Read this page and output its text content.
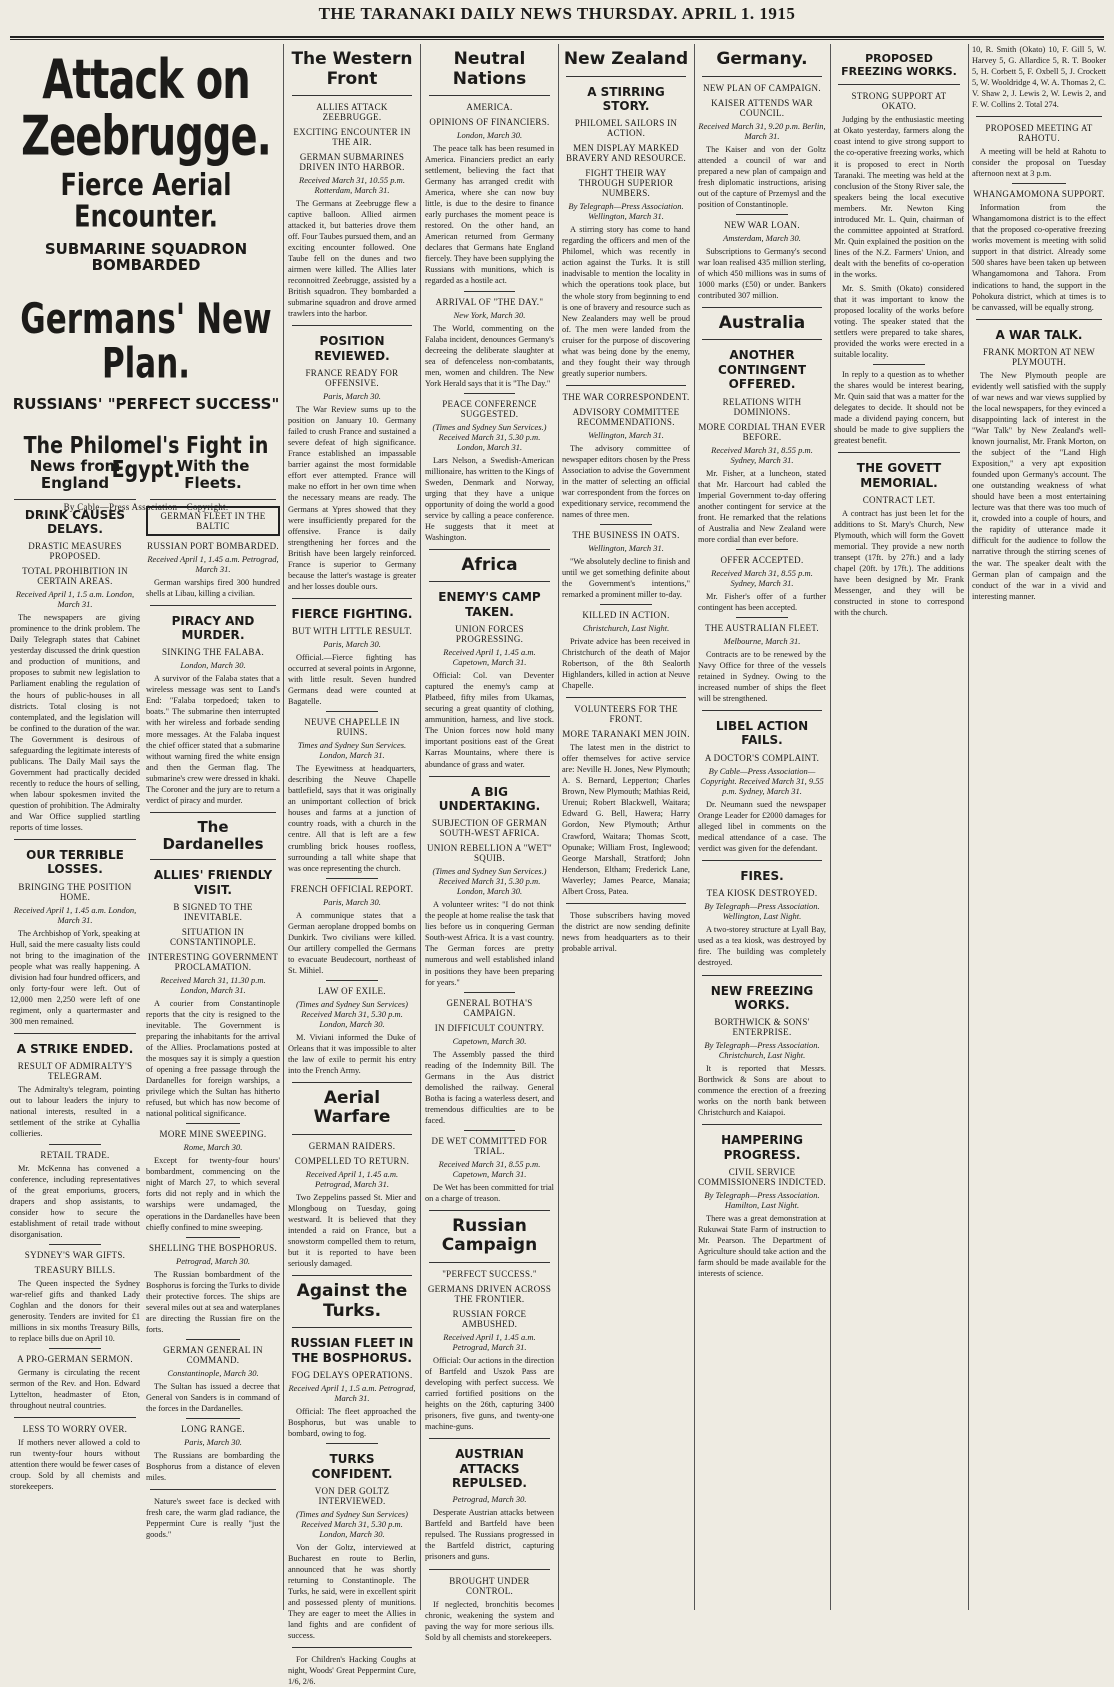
THE TARANAKI DAILY NEWS THURSDAY. APRIL 1. 1915
Attack on Zeebrugge.
Fierce Aerial Encounter.
SUBMARINE SQUADRON BOMBARDED
Germans' New Plan.
RUSSIANS' "PERFECT SUCCESS"
The Philomel's Fight in Egypt.
By Cable—Press Association—Copyright.
News from England
DRINK CAUSES DELAYS.
DRASTIC MEASURES PROPOSED.
TOTAL PROHIBITION IN CERTAIN AREAS.
Received April 1, 1.5 a.m. London, March 31.

The newspapers are giving prominence to the drink problem. The Daily Telegraph states that Cabinet yesterday discussed the drink question and production of munitions, and proposes to submit new legislation to Parliament enabling the regulation of the hours of public-houses in all districts. Total closing is not contemplated, and the legislation will be confined to the duration of the war. The Government is desirous of safeguarding the legitimate interests of publicans. The Daily Mail says the Government had practically decided recently to reduce the hours of selling, when labour spokesmen invited the question of prohibition. The Admiralty and War Office supplied startling reports of time losses.

OUR TERRIBLE LOSSES.
BRINGING THE POSITION HOME.
Received April 1, 1.45 a.m. London, March 31.

The Archbishop of York, speaking at Hull, said the mere casualty lists could not bring to the imagination of the people what was really happening. A division had four hundred officers, and only forty-four were left. Out of 12,000 men 2,250 were left of one regiment, only a quartermaster and 300 men remained.

A STRIKE ENDED.
RESULT OF ADMIRALTY'S TELEGRAM.

The Admiralty's telegram, pointing out to labour leaders the injury to national interests, resulted in a settlement of the strike at Cyhallia collieries.

RETAIL TRADE.

Mr. McKenna has convened a conference, including representatives of the great emporiums, grocers, drapers and shop assistants, to consider how to secure the establishment of retail trade without disorganisation.

SYDNEY'S WAR GIFTS.
TREASURY BILLS.

The Queen inspected the Sydney war-relief gifts and thanked Lady Coghlan and the donors for their generosity. Tenders are invited for £1 millions in six months Treasury Bills, to replace bills due on April 10.

A PRO-GERMAN SERMON.

Germany is circulating the recent sermon of the Rev. and Hon. Edward Lyttelton, headmaster of Eton, throughout neutral countries.

LESS TO WORRY OVER.

If mothers never allowed a cold to run twenty-four hours without attention there would be fewer cases of croup. Sold by all chemists and storekeepers.

With the Fleets.
GERMAN FLEET IN THE BALTIC
RUSSIAN PORT BOMBARDED.
Received April 1, 1.45 a.m. Petrograd, March 31.

German warships fired 300 hundred shells at Libau, killing a civilian.

PIRACY AND MURDER.
SINKING THE FALABA.
London, March 30.

A survivor of the Falaba states that a wireless message was sent to Land's End: "Falaba torpedoed; taken to boats." The submarine then interrupted with her wireless and forbade sending more messages. At the Falaba inquest the chief officer stated that a submarine without warning fired the white ensign and then the German flag. The submarine's crew were dressed in khaki. The Coroner and the jury are to return a verdict of piracy and murder.

The Dardanelles
ALLIES' FRIENDLY VISIT.
B SIGNED TO THE INEVITABLE.
SITUATION IN CONSTANTINOPLE.
INTERESTING GOVERNMENT PROCLAMATION.
Received March 31, 11.30 p.m. London, March 31.

A courier from Constantinople reports that the city is resigned to the inevitable. The Government is preparing the inhabitants for the arrival of the Allies. Proclamations posted at the mosques say it is simply a question of opening a free passage through the Dardanelles for foreign warships, a privilege which the Sultan has hitherto refused, but which has now become of national political significance.

MORE MINE SWEEPING.
Rome, March 30.

Except for twenty-four hours' bombardment, commencing on the night of March 27, to which several forts did not reply and in which the warships were undamaged, the operations in the Dardanelles have been chiefly confined to mine sweeping.

SHELLING THE BOSPHORUS.
Petrograd, March 30.

The Russian bombardment of the Bosphorus is forcing the Turks to divide their protective forces. The ships are several miles out at sea and waterplanes are directing the Russian fire on the forts.

GERMAN GENERAL IN COMMAND.
Constantinople, March 30.

The Sultan has issued a decree that General von Sanders is in command of the forces in the Dardanelles.

LONG RANGE.
Paris, March 30.

The Russians are bombarding the Bosphorus from a distance of eleven miles.

Nature's sweet face is decked with fresh care, the warm glad radiance, the Peppermint Cure is really "just the goods."

The Western Front
ALLIES ATTACK ZEEBRUGGE.
EXCITING ENCOUNTER IN THE AIR.
GERMAN SUBMARINES DRIVEN INTO HARBOR.
Received March 31, 10.55 p.m. Rotterdam, March 31.

The Germans at Zeebrugge flew a captive balloon. Allied airmen attacked it, but batteries drove them off. Four Taubes pursued them, and an exciting encounter followed. One Taube fell on the dunes and two airmen were killed. The Allies later reconnoitred Zeebrugge, assisted by a British squadron. They bombarded a submarine squadron and drove armed trawlers into the harbor.

POSITION REVIEWED.
FRANCE READY FOR OFFENSIVE.
Paris, March 30.

The War Review sums up to the position on January 10. Germany failed to crush France and sustained a severe defeat of high significance. France established an impassable barrier against the most formidable effort ever attempted. France will make no effort in her own time when the necessary means are ready. The Germans at Ypres showed that they were insufficiently prepared for the offensive. France is daily strengthening her forces and the British have been largely reinforced. France is superior to Germany because the latter's wastage is greater and her losses double ours.

FIERCE FIGHTING.
BUT WITH LITTLE RESULT.
Paris, March 30.

Official.—Fierce fighting has occurred at several points in Argonne, with little result. Seven hundred Germans dead were counted at Bagatelle.

NEUVE CHAPELLE IN RUINS.
Times and Sydney Sun Services. London, March 31.

The Eyewitness at headquarters, describing the Neuve Chapelle battlefield, says that it was originally an unimportant collection of brick houses and farms at a junction of country roads, with a church in the centre. All that is left are a few crumbling brick houses roofless, surrounding a tall white shape that was once representing the church.

FRENCH OFFICIAL REPORT.
Paris, March 30.

A communique states that a German aeroplane dropped bombs on Dunkirk. Two civilians were killed. Our artillery compelled the Germans to evacuate Beudecourt, northeast of St. Mihiel.

LAW OF EXILE.
(Times and Sydney Sun Services) Received March 31, 5.30 p.m. London, March 30.

M. Viviani informed the Duke of Orleans that it was impossible to alter the law of exile to permit his entry into the French Army.

Aerial Warfare
GERMAN RAIDERS.
COMPELLED TO RETURN.
Received April 1, 1.45 a.m. Petrograd, March 31.

Two Zeppelins passed St. Mier and Mlongboug on Tuesday, going westward. It is believed that they intended a raid on France, but a snowstorm compelled them to return, but it is reported to have been seriously damaged.

Against the Turks.
RUSSIAN FLEET IN THE BOSPHORUS.
FOG DELAYS OPERATIONS.
Received April 1, 1.5 a.m. Petrograd, March 31.

Official: The fleet approached the Bosphorus, but was unable to bombard, owing to fog.

TURKS CONFIDENT.
VON DER GOLTZ INTERVIEWED.
(Times and Sydney Sun Services) Received March 31, 5.30 p.m. London, March 30.

Von der Goltz, interviewed at Bucharest en route to Berlin, announced that he was shortly returning to Constantinople. The Turks, he said, were in excellent spirit and possessed plenty of munitions. They are eager to meet the Allies in land fights and are confident of success.

For Children's Hacking Coughs at night, Woods' Great Peppermint Cure, 1/6, 2/6.

Neutral Nations
AMERICA.
OPINIONS OF FINANCIERS.
London, March 30.

The peace talk has been resumed in America. Financiers predict an early settlement, believing the fact that Germany has arranged credit with America, where she can now buy little, is due to the desire to finance early purchases the moment peace is restored. On the other hand, an American returned from Germany declares that Germans hate England fiercely. They have been supplying the Russians with munitions, which is regarded as a hostile act.

ARRIVAL OF "THE DAY."
New York, March 30.

The World, commenting on the Falaba incident, denounces Germany's decreeing the deliberate slaughter at sea of defenceless non-combatants, men, women and children. The New York Herald says that it is "The Day."

PEACE CONFERENCE SUGGESTED.
(Times and Sydney Sun Services.) Received March 31, 5.30 p.m. London, March 31.

Lars Nelson, a Swedish-American millionaire, has written to the Kings of Sweden, Denmark and Norway, urging that they have a unique opportunity of doing the world a good service by calling a peace conference. He suggests that it meet at Washington.

Africa
ENEMY'S CAMP TAKEN.
UNION FORCES PROGRESSING.
Received April 1, 1.45 a.m. Capetown, March 31.

Official: Col. van Deventer captured the enemy's camp at Platbeed, fifty miles from Ukamas, securing a great quantity of clothing, ammunition, harness, and live stock. The Union forces now hold many important positions east of the Great Karras Mountains, where there is abundance of grass and water.

A BIG UNDERTAKING.
SUBJECTION OF GERMAN SOUTH-WEST AFRICA.
UNION REBELLION A "WET" SQUIB.
(Times and Sydney Sun Services.) Received March 31, 5.30 p.m. London, March 30.

A volunteer writes: "I do not think the people at home realise the task that lies before us in conquering German South-west Africa. It is a vast country. The German forces are pretty numerous and well established inland in positions they have been preparing for years."

GENERAL BOTHA'S CAMPAIGN.
IN DIFFICULT COUNTRY.
Capetown, March 30.

The Assembly passed the third reading of the Indemnity Bill. The Germans in the Aus district demolished the railway. General Botha is facing a waterless desert, and tremendous difficulties are to be faced.

DE WET COMMITTED FOR TRIAL.
Received March 31, 8.55 p.m. Capetown, March 31.

De Wet has been committed for trial on a charge of treason.

Russian Campaign
"PERFECT SUCCESS."
GERMANS DRIVEN ACROSS THE FRONTIER.
RUSSIAN FORCE AMBUSHED.
Received April 1, 1.45 a.m. Petrograd, March 31.

Official: Our actions in the direction of Bartfeld and Uszok Pass are developing with perfect success. We carried fortified positions on the heights on the 26th, capturing 3400 prisoners, five guns, and twenty-one machine-guns.

AUSTRIAN ATTACKS REPULSED.
Petrograd, March 30.

Desperate Austrian attacks between Bartfeld and Bartfeld have been repulsed. The Russians progressed in the Bartfeld district, capturing prisoners and guns.

BROUGHT UNDER CONTROL.

If neglected, bronchitis becomes chronic, weakening the system and paving the way for more serious ills. Sold by all chemists and storekeepers.

New Zealand
A STIRRING STORY.
PHILOMEL SAILORS IN ACTION.
MEN DISPLAY MARKED BRAVERY AND RESOURCE.
FIGHT THEIR WAY THROUGH SUPERIOR NUMBERS.
By Telegraph—Press Association. Wellington, March 31.

A stirring story has come to hand regarding the officers and men of the Philomel, which was recently in action against the Turks. It is still inadvisable to mention the locality in which the operations took place, but the whole story from beginning to end is one of bravery and resource such as New Zealanders may well be proud of. The men were landed from the cruiser for the purpose of discovering what was being done by the enemy, and they fought their way through greatly superior numbers.

THE WAR CORRESPONDENT.
ADVISORY COMMITTEE RECOMMENDATIONS.
Wellington, March 31.

The advisory committee of newspaper editors chosen by the Press Association to advise the Government in the matter of selecting an official war correspondent from the forces on expeditionary service, recommend the names of three men.

THE BUSINESS IN OATS.
Wellington, March 31.

"We absolutely decline to finish and until we get something definite about the Government's intentions," remarked a prominent miller to-day.

KILLED IN ACTION.
Christchurch, Last Night.

Private advice has been received in Christchurch of the death of Major Robertson, of the 8th Sealorth Highlanders, killed in action at Neuve Chapelle.

VOLUNTEERS FOR THE FRONT.
MORE TARANAKI MEN JOIN.

The latest men in the district to offer themselves for active service are: Neville H. Jones, New Plymouth; A. S. Bernard, Lepperton; Charles Brown, New Plymouth; Mathias Reid, Urenui; Robert Blackwell, Waitara; Edward G. Bell, Hawera; Harry Gordon, New Plymouth; Arthur Crawford, Waitara; Thomas Scott, Opunake; William Frost, Inglewood; George Marshall, Stratford; John Henderson, Eltham; Frederick Lane, Waverley; James Pearce, Manaia; Albert Cross, Patea.

Those subscribers having moved the district are now sending definite news from headquarters as to their probable arrival.

Germany.
NEW PLAN OF CAMPAIGN.
KAISER ATTENDS WAR COUNCIL.
Received March 31, 9.20 p.m. Berlin, March 31.

The Kaiser and von der Goltz attended a council of war and prepared a new plan of campaign and fresh diplomatic instructions, arising out of the capture of Przemysl and the position of Constantinople.

NEW WAR LOAN.
Amsterdam, March 30.

Subscriptions to Germany's second war loan realised 435 million sterling, of which 450 millions was in sums of 1000 marks (£50) or under. Bankers contributed 307 million.

Australia
ANOTHER CONTINGENT OFFERED.
RELATIONS WITH DOMINIONS.
MORE CORDIAL THAN EVER BEFORE.
Received March 31, 8.55 p.m. Sydney, March 31.

Mr. Fisher, at a luncheon, stated that Mr. Harcourt had cabled the Imperial Government to-day offering another contingent for service at the front. He remarked that the relations of Australia and New Zealand were more cordial than ever before.

OFFER ACCEPTED.
Received March 31, 8.55 p.m. Sydney, March 31.

Mr. Fisher's offer of a further contingent has been accepted.

THE AUSTRALIAN FLEET.
Melbourne, March 31.

Contracts are to be renewed by the Navy Office for three of the vessels retained in Sydney. Owing to the increased number of ships the fleet will be strengthened.

LIBEL ACTION FAILS.
A DOCTOR'S COMPLAINT.
By Cable—Press Association—Copyright. Received March 31, 9.55 p.m. Sydney, March 31.

Dr. Neumann sued the newspaper Orange Leader for £2000 damages for alleged libel in comments on the medical attendance of a case. The verdict was given for the defendant.

FIRES.
TEA KIOSK DESTROYED.
By Telegraph—Press Association. Wellington, Last Night.

A two-storey structure at Lyall Bay, used as a tea kiosk, was destroyed by fire. The building was completely destroyed.

NEW FREEZING WORKS.
BORTHWICK & SONS' ENTERPRISE.
By Telegraph—Press Association. Christchurch, Last Night.

It is reported that Messrs. Borthwick & Sons are about to commence the erection of a freezing works on the north bank between Christchurch and Kaiapoi.

HAMPERING PROGRESS.
CIVIL SERVICE COMMISSIONERS INDICTED.
By Telegraph—Press Association. Hamilton, Last Night.

There was a great demonstration at Rukuwai State Farm of instruction to Mr. Pearson. The Department of Agriculture should take action and the farm should be made available for the interests of science.

PROPOSED FREEZING WORKS.
STRONG SUPPORT AT OKATO.

Judging by the enthusiastic meeting at Okato yesterday, farmers along the coast intend to give strong support to the co-operative freezing works, which it is proposed to erect in North Taranaki. The meeting was held at the conclusion of the Stony River sale, the speakers being the local executive members. Mr. Newton King introduced Mr. L. Quin, chairman of the committee appointed at Stratford. Mr. Quin explained the position on the lines of the N.Z. Farmers' Union, and dealt with the benefits of co-operation in the works.

Mr. S. Smith (Okato) considered that it was important to know the proposed locality of the works before voting. The speaker stated that the settlers were prepared to take shares, provided the works were erected in a suitable locality.

In reply to a question as to whether the shares would be interest bearing, Mr. Quin said that was a matter for the delegates to decide. It should not be made a dividend paying concern, but should be made to give suppliers the greatest benefit.

THE GOVETT MEMORIAL.
CONTRACT LET.

A contract has just been let for the additions to St. Mary's Church, New Plymouth, which will form the Govett memorial. They provide a new north transept (17ft. by 27ft.) and a lady chapel (20ft. by 17ft.). The additions have been designed by Mr. Frank Messenger, and they will be constructed in stone to correspond with the church.

10, R. Smith (Okato) 10, F. Gill 5, W. Harvey 5, G. Allardice 5, R. T. Booker 5, H. Corbett 5, F. Oxbell 5, J. Crockett 5, W. Wooldridge 4, W. A. Thomas 2, C. V. Shaw 2, J. Lewis 2, W. Lewis 2, and F. W. Collins 2. Total 274.

PROPOSED MEETING AT RAHOTU.

A meeting will be held at Rahotu to consider the proposal on Tuesday afternoon next at 3 p.m.

WHANGAMOMONA SUPPORT.

Information from the Whangamomona district is to the effect that the proposed co-operative freezing works movement is meeting with solid support in that district. Already some 500 shares have been taken up between Whangamomona and Tahora. From indications to hand, the support in the Pohokura district, which at times is to be canvassed, will be equally strong.

A WAR TALK.
FRANK MORTON AT NEW PLYMOUTH.

The New Plymouth people are evidently well satisfied with the supply of war news and war views supplied by the local newspapers, for they evinced a disappointing lack of interest in the "War Talk" by New Zealand's well-known journalist, Mr. Frank Morton, on the subject of the "Land High Exposition," a very apt exposition founded upon Germany's account. The one outstanding weakness of what should have been a most entertaining lecture was that there was too much of it, crowded into a couple of hours, and the rapidity of utterance made it difficult for the audience to follow the narrative through the stirring scenes of the war. The speaker dealt with the German plan of campaign and the conduct of the war in a vivid and interesting manner.
